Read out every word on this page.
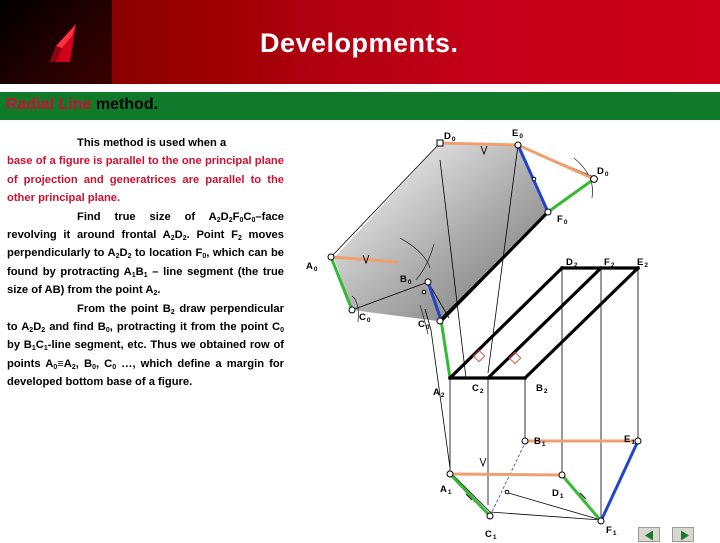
Developments.
Radial Line method.

This method is used when a

base of a figure is parallel to the one principal plane of projection and generatrices are parallel to the other principal plane.

Find true size of $A_2D_2F_0C_0$–face revolving it around frontal $A_2D_2$. Point $F_2$ moves perpendicularly to $A_2D_2$ to location $F_0$, which can be found by protracting $A_1B_1$ – line segment (the true size of AB) from the point $A_2$.

From the point $B_2$ draw perpendicular to $A_2D_2$ and find $B_0$, protracting it from the point $C_0$ by $B_1C_1$-line segment, etc. Thus we obtained row of points $A_0\equiv A_2$, $B_0$, $C_0$ …, which define a margin for developed bottom base of a figure.

$D_0$
$E_0$
$D_0$
$F_0$
$A_0$
$B_0$
$C_0$	$C_0$
$D_2$	$F_2$ $E_2$
$A_2$
$C_2$	$B_2$
$B_1$	$E_1$
$A_1$	$D_1$
$C_1$
$F_1$
